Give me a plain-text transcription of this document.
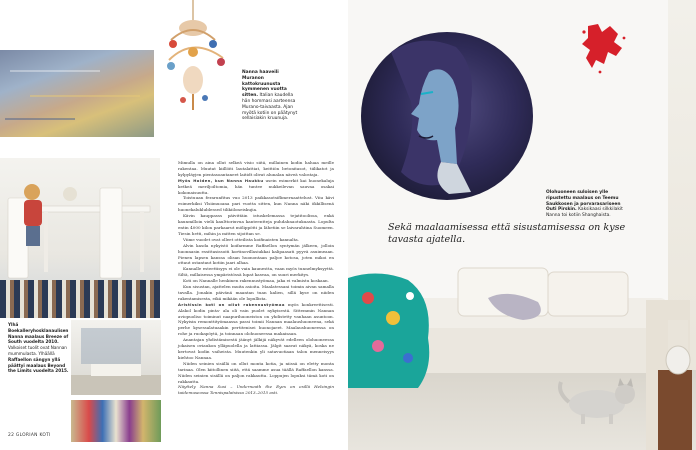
Nanna haaveili Muranon kattokruunusta kymmenen vuotta sitten. Italian kaudella hän hommasi aarteensa Murano-taivaasta. Ajan myötä kotiin on päätynyt sellaisiakin kruunuja.
Ylhä Boekalleryhosklanaulisen Nanna maalaus Breeze of South vuodelta 2010. Valkoiset tuolit ovat Nannan mummulasta. Ylhäällä Raffaellon sängyn yllä päättyi maalaus Beyond the Limits vuodelta 2015.
22 GLORIAN KOTI

Mimulla on aina ollut selkeä visio siitä, millainen kodin haluaa meille rakentaa. Muutat kiillöiti lautalattiat, keittiön betonitasot, tiilikatot ja kylpyläyjen pientasoantaneet laitidt olivat alunalan näveä valostaja.

Myös Holden, kun Nanna Haukku usein esimerkit kai huonekaluja ketkeä meriljoiltomia, hän tuntee nukkeilevan sauvaa osakai kokonaisuutta.

Toistuuan ferarunfitus vuo 2013 paikkasotsiflimernaattelust. Viiu kävi esimerkiksi Ylsiimuoana pari vuotta sitten, kun Nanna näki ökkillisenä huonekaluklublessed tilikiiloneiskujia.

Kävin kauppasss päivittäin istuskelemassa tejatitoolissa, enkä kaunmilloin vielä kaulttoriuvua kanteentteja puhdahnaotukuasta. Lopulta entin 4000 kilon parkaarut mölippötti ja lähetiin se laivarahtina Suomeen. Tiesin hetti, mihin ja mitten sijoittan se.

Viime vuodet ovat olleet otteilista koifinaisten kannalta.

Alvin kasda nykyistö koifarmme Raffaellon syntymän jälkeen, jolloin huonnasin essittasissoiti kortinovillasiukkai kalipaasati pyyvä asuimeaan. Pienen lapsen kanssa olisan huonontaan paljoe kotosa, joten mikoi en ottaut ostantaut kotiin jaari alhaa.

Kannalle esteettisyys ei ole vain kaunestta, vaan myös tunnelmyksyyttä. Siltä, millaisessa ympäristössä lupat kasvaa, on suuri merkitys.

Koti on Nannalle henkinen rakennustyömaa, jaka ei valmistu koskaan.

Kun sisustan, ajattelen muita asioita. Maalatessani toimin aivan samalla tavalla. Jonakin päivänä maantan tuan kalien, sillä kyse on niiden rakentamisesta, eikä mikään ole lopullista.

Aristissin koti on ollut rakennustyömaa myös konkreettisesti. Alakol kodin pinta- ala oli vain puolet nykyisestä. Sittemmin Nannan aviopuoliso toiminut naapurihuoneiston on yhdistetty vanhaan asuntoon. Nykyisin remonttityömaassa passi toimii Nannan maalaushuoneena, sekä perhe kysessalatuaakin pertitenisei huonojaeet. Maalaushuoneessa on rohe ja ruokapöytä, ja toinnaan olohuoneessa makaisaan.

Anantajan yhdistämisestä jäänyt jälkijä näkyvät edelleen olohuoneessa jokaisen oviaukon ylläpuolella ja lattiassa. Jälgit saavat näkyä, koska ne kertovat kodin vaiheista. Muutenkin yli satavuotiaan talon menneisyys kiehtoo Nannaa.

Niiden seinien sisällä on ollut monta kotia, ja niissä on eletty monta tarinaa. Olen kiitollinen siitä, että saamme asua täällä Raffaellon kanssa. Niiden seinien sisällä on paljon rakkautta. Loppujen lopuksi tämä koti on rakkautta.

Näyttely Nanna Susi – Underneath the Eyes on esillä Helsingin taidemuseossa Tennispalatsissa 2013–2015 asti.

Olohuoneen suloisen ylle ripustettu maalaus on Teemu Saukkosen ja porvarasariseen Outi Pirskin. Kaksikaasi silkkilakit Nanna toi kotiin Shanghaista.
Sekä maalaamisessa että sisustamisessa on kyse tavasta ajatella.
